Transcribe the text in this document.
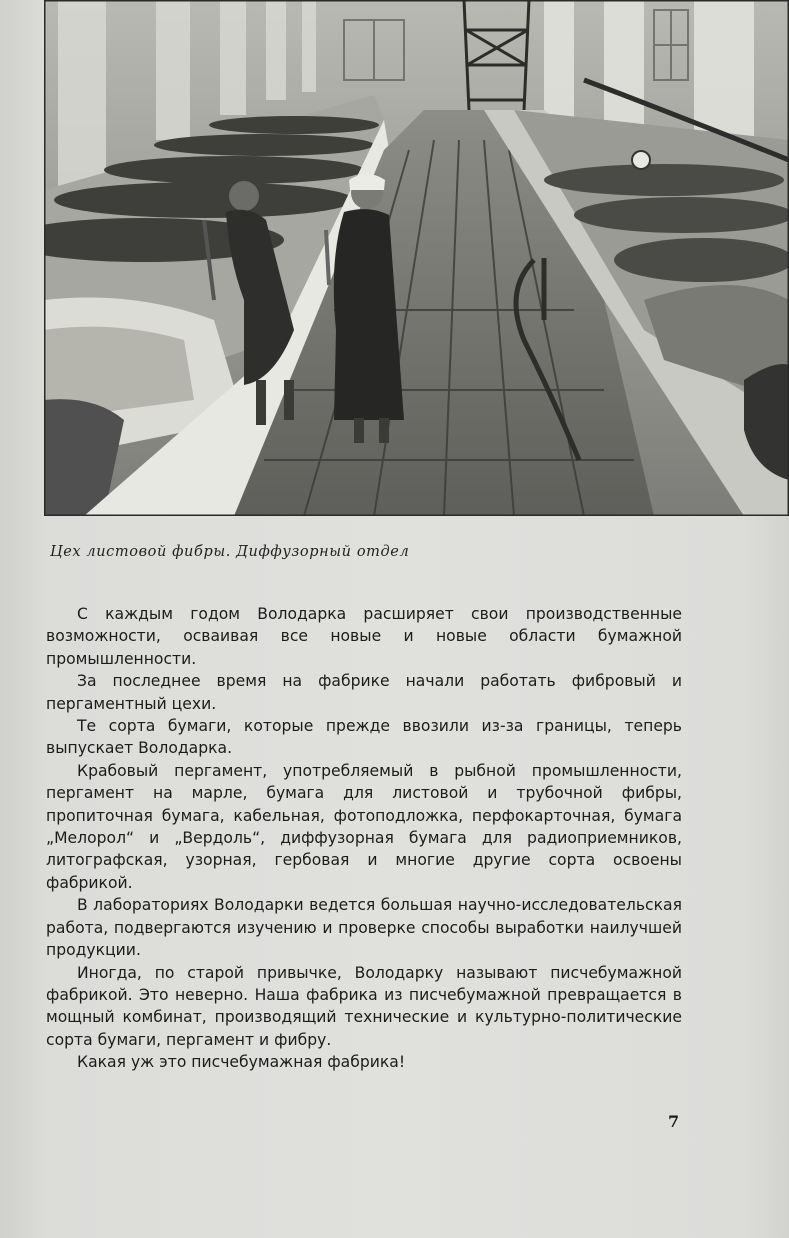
Цех листовой фибры. Диффузорный отдел

С каждым годом Володарка расширяет свои производственные возможности, осваивая все новые и новые области бумажной промышленности.

За последнее время на фабрике начали работать фибровый и пергаментный цехи.

Те сорта бумаги, которые прежде ввозили из-за границы, теперь выпускает Володарка.

Крабовый пергамент, употребляемый в рыбной промышленности, пергамент на марле, бумага для листовой и трубочной фибры, пропиточная бумага, кабельная, фотоподложка, перфокарточная, бумага „Мелорол“ и „Вердоль“, диффузорная бумага для радиоприемников, литографская, узорная, гербовая и многие другие сорта освоены фабрикой.

В лабораториях Володарки ведется большая научно-исследовательская работа, подвергаются изучению и проверке способы выработки наилучшей продукции.

Иногда, по старой привычке, Володарку называют писчебумажной фабрикой. Это неверно. Наша фабрика из писчебумажной превращается в мощный комбинат, производящий технические и культурно-политические сорта бумаги, пергамент и фибру.

Какая уж это писчебумажная фабрика!

7
